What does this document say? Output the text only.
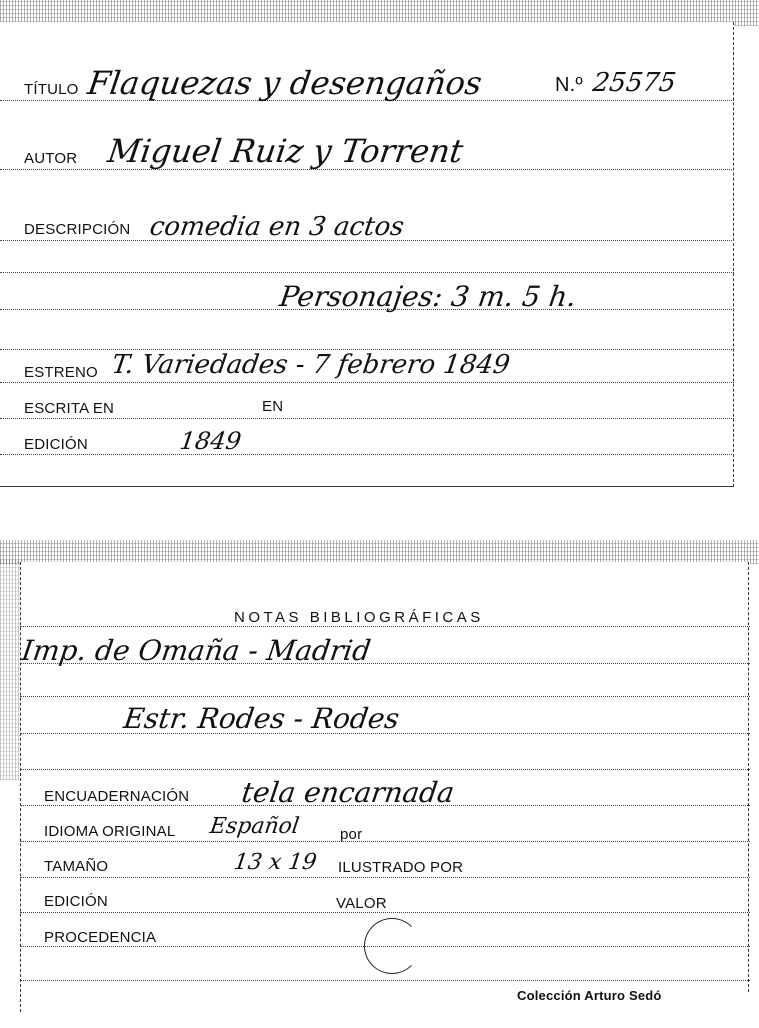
TÍTULO Flaquezas y desengaños	N.º 25575
AUTOR Miguel Ruiz y Torrent
DESCRIPCIÓN comedia en 3 actos
Personajes: 3 m. 5 h.
ESTRENO T. Variedades - 7 febrero 1849
ESCRITA EN	EN
EDICIÓN	1849
NOTAS BIBLIOGRÁFICAS
Imp. de Omaña - Madrid
Estr. Rodes - Rodes
ENCUADERNACIÓN tela encarnada
IDIOMA ORIGINAL Español	por
TAMAÑO	13 x 19 ILUSTRADO POR
EDICIÓN	VALOR
PROCEDENCIA
Colección Arturo Sedó
